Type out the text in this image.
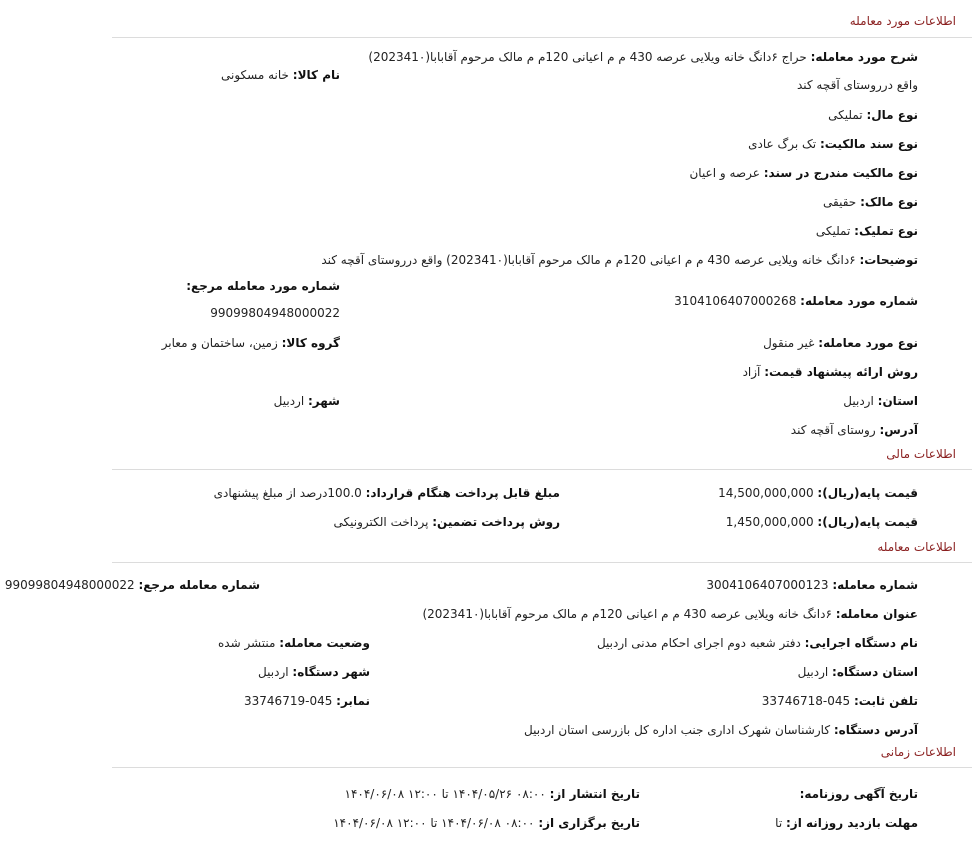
اطلاعات مورد معامله
شرح مورد معامله: حراج ۶دانگ خانه ویلایی عرصه 430 م م اعیانی 120م م مالک مرحوم آقابابا(202341۰)
واقع درروستای آقچه کند
نام کالا: خانه مسکونی
نوع مال: تملیکی
نوع سند مالکیت: تک برگ عادی
نوع مالکیت مندرج در سند: عرصه و اعیان
نوع مالک: حقیقی
نوع تملیک: تملیکی
توضیحات: ۶دانگ خانه ویلایی عرصه 430 م م اعیانی 120م م مالک مرحوم آقابابا(202341۰) واقع درروستای آقچه کند
شماره مورد معامله مرجع:
99099804948000022
شماره مورد معامله: 3104106407000268
گروه کالا: زمین، ساختمان و معابر	نوع مورد معامله: غیر منقول
روش ارائه پیشنهاد قیمت: آزاد
شهر: اردبیل	استان: اردبیل
آدرس: روستای آقچه کند
اطلاعات مالی
قیمت پایه(ریال): 14,500,000,000
مبلغ قابل پرداخت هنگام قرارداد: 100.0درصد از مبلغ پیشنهادی
قیمت پایه(ریال): 1,450,000,000
روش پرداخت تضمین: پرداخت الکترونیکی
اطلاعات معامله
شماره معامله: 3004106407000123
شماره معامله مرجع: 99099804948000022
عنوان معامله: ۶دانگ خانه ویلایی عرصه 430 م م اعیانی 120م م مالک مرحوم آقابابا(202341۰)
نام دستگاه اجرایی: دفتر شعبه دوم اجرای احکام مدنی اردبیل
وضعیت معامله: منتشر شده
استان دستگاه: اردبیل
شهر دستگاه: اردبیل
تلفن ثابت: 045-33746718
نمابر: 045-33746719
آدرس دستگاه: کارشناسان شهرک اداری جنب اداره کل بازرسی استان اردبیل
اطلاعات زمانی
تاریخ آگهی روزنامه:
تاریخ انتشار از: ۰۸:۰۰ ۱۴۰۴/۰۵/۲۶ تا ۱۲:۰۰ ۱۴۰۴/۰۶/۰۸
مهلت بازدید روزانه از: تا
تاریخ برگزاری از: ۰۸:۰۰ ۱۴۰۴/۰۶/۰۸ تا ۱۲:۰۰ ۱۴۰۴/۰۶/۰۸
